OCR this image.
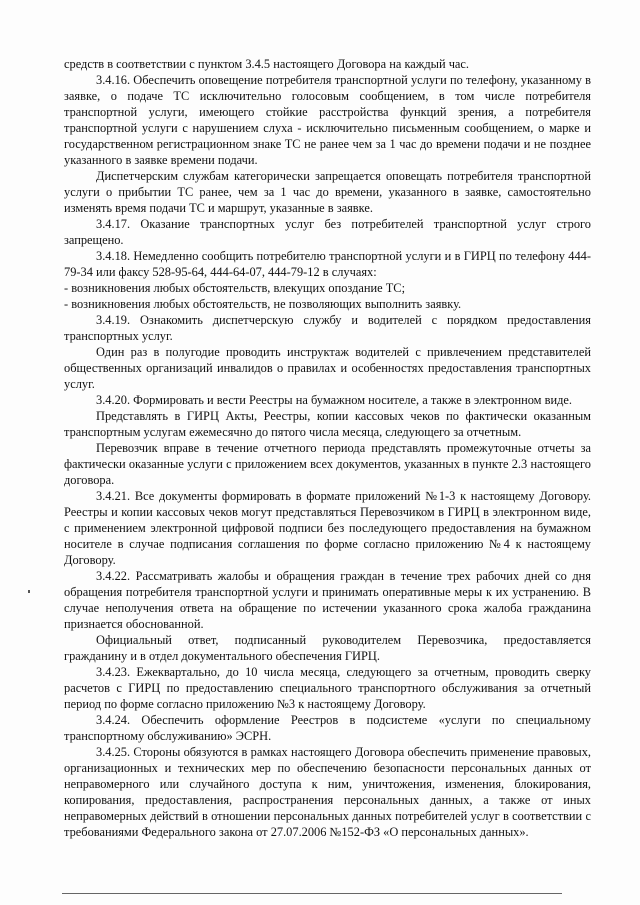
средств в соответствии с пунктом 3.4.5 настоящего Договора на каждый час.

3.4.16. Обеспечить оповещение потребителя транспортной услуги по телефону, указанному в заявке, о подаче ТС исключительно голосовым сообщением, в том числе потребителя транспортной услуги, имеющего стойкие расстройства функций зрения, а потребителя транспортной услуги с нарушением слуха - исключительно письменным сообщением, о марке и государственном регистрационном знаке ТС не ранее чем за 1 час до времени подачи и не позднее указанного в заявке времени подачи.

Диспетчерским службам категорически запрещается оповещать потребителя транспортной услуги о прибытии ТС ранее, чем за 1 час до времени, указанного в заявке, самостоятельно изменять время подачи ТС и маршрут, указанные в заявке.

3.4.17. Оказание транспортных услуг без потребителей транспортной услуг строго запрещено.

3.4.18. Немедленно сообщить потребителю транспортной услуги и в ГИРЦ по телефону 444-79-34 или факсу 528-95-64, 444-64-07, 444-79-12 в случаях:

- возникновения любых обстоятельств, влекущих опоздание ТС;

- возникновения любых обстоятельств, не позволяющих выполнить заявку.

3.4.19. Ознакомить диспетчерскую службу и водителей с порядком предоставления транспортных услуг.

Один раз в полугодие проводить инструктаж водителей с привлечением представителей общественных организаций инвалидов о правилах и особенностях предоставления транспортных услуг.

3.4.20. Формировать и вести Реестры на бумажном носителе, а также в электронном виде.

Представлять в ГИРЦ Акты, Реестры, копии кассовых чеков по фактически оказанным транспортным услугам ежемесячно до пятого числа месяца, следующего за отчетным.

Перевозчик вправе в течение отчетного периода представлять промежуточные отчеты за фактически оказанные услуги с приложением всех документов, указанных в пункте 2.3 настоящего договора.

3.4.21. Все документы формировать в формате приложений №1-3 к настоящему Договору. Реестры и копии кассовых чеков могут представляться Перевозчиком в ГИРЦ в электронном виде, с применением электронной цифровой подписи без последующего предоставления на бумажном носителе в случае подписания соглашения по форме согласно приложению №4 к настоящему Договору.

3.4.22. Рассматривать жалобы и обращения граждан в течение трех рабочих дней со дня обращения потребителя транспортной услуги и принимать оперативные меры к их устранению. В случае неполучения ответа на обращение по истечении указанного срока жалоба гражданина признается обоснованной.

Официальный ответ, подписанный руководителем Перевозчика, предоставляется гражданину и в отдел документального обеспечения ГИРЦ.

3.4.23. Ежеквартально, до 10 числа месяца, следующего за отчетным, проводить сверку расчетов с ГИРЦ по предоставлению специального транспортного обслуживания за отчетный период по форме согласно приложению №3 к настоящему Договору.

3.4.24. Обеспечить оформление Реестров в подсистеме «услуги по специальному транспортному обслуживанию» ЭСРН.

3.4.25. Стороны обязуются в рамках настоящего Договора обеспечить применение правовых, организационных и технических мер по обеспечению безопасности персональных данных от неправомерного или случайного доступа к ним, уничтожения, изменения, блокирования, копирования, предоставления, распространения персональных данных, а также от иных неправомерных действий в отношении персональных данных потребителей услуг в соответствии с требованиями Федерального закона от 27.07.2006 №152-ФЗ «О персональных данных».
